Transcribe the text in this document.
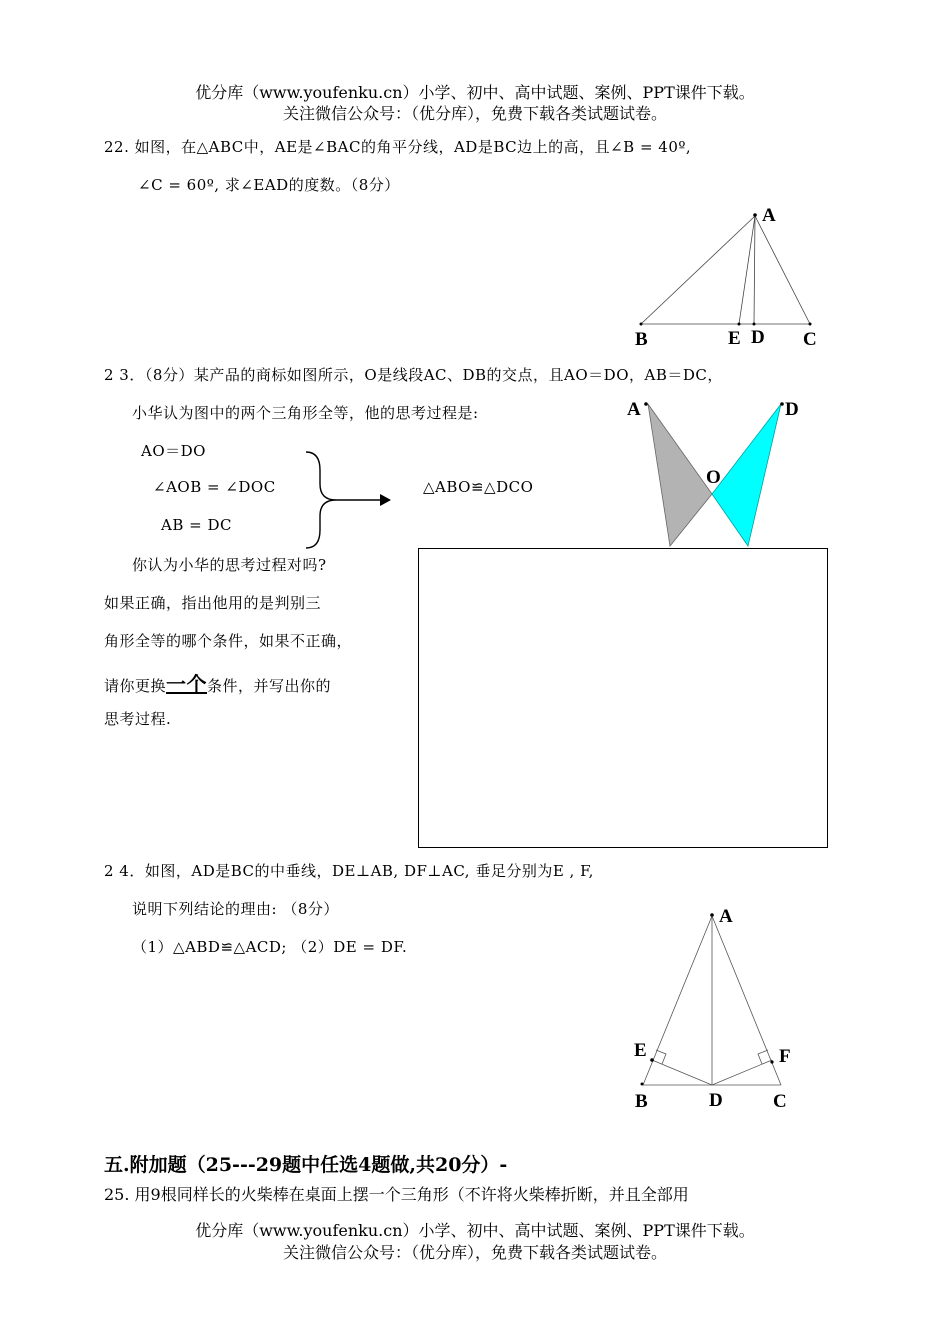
优分库（www.youfenku.cn）小学、初中、高中试题、案例、PPT课件下载。
关注微信公众号：（优分库），免费下载各类试题试卷。
22. 如图，在△ABC中，AE是∠BAC的角平分线，AD是BC边上的高，且∠B = 40º,
∠C = 60º, 求∠EAD的度数。（8分）
A
B	E D C
2 3．（8分）某产品的商标如图所示，O是线段AC、DB的交点，且AO＝DO，AB＝DC，
小华认为图中的两个三角形全等，他的思考过程是:
AO＝DO
∠AOB = ∠DOC
AB = DC
△ABO≌△DCO
A	D
O
你认为小华的思考过程对吗?
如果正确，指出他用的是判别三
角形全等的哪个条件，如果不正确，
请你更换一个条件，并写出你的
思考过程.
2 4．如图，AD是BC的中垂线，DE⊥AB, DF⊥AC, 垂足分别为E , F,
说明下列结论的理由: （8分）
（1）△ABD≌△ACD; （2）DE = DF.
A
E	F
B	D	C
五.附加题（25---29题中任选4题做,共20分）-
25. 用9根同样长的火柴棒在桌面上摆一个三角形（不许将火柴棒折断，并且全部用
优分库（www.youfenku.cn）小学、初中、高中试题、案例、PPT课件下载。
关注微信公众号：（优分库），免费下载各类试题试卷。
